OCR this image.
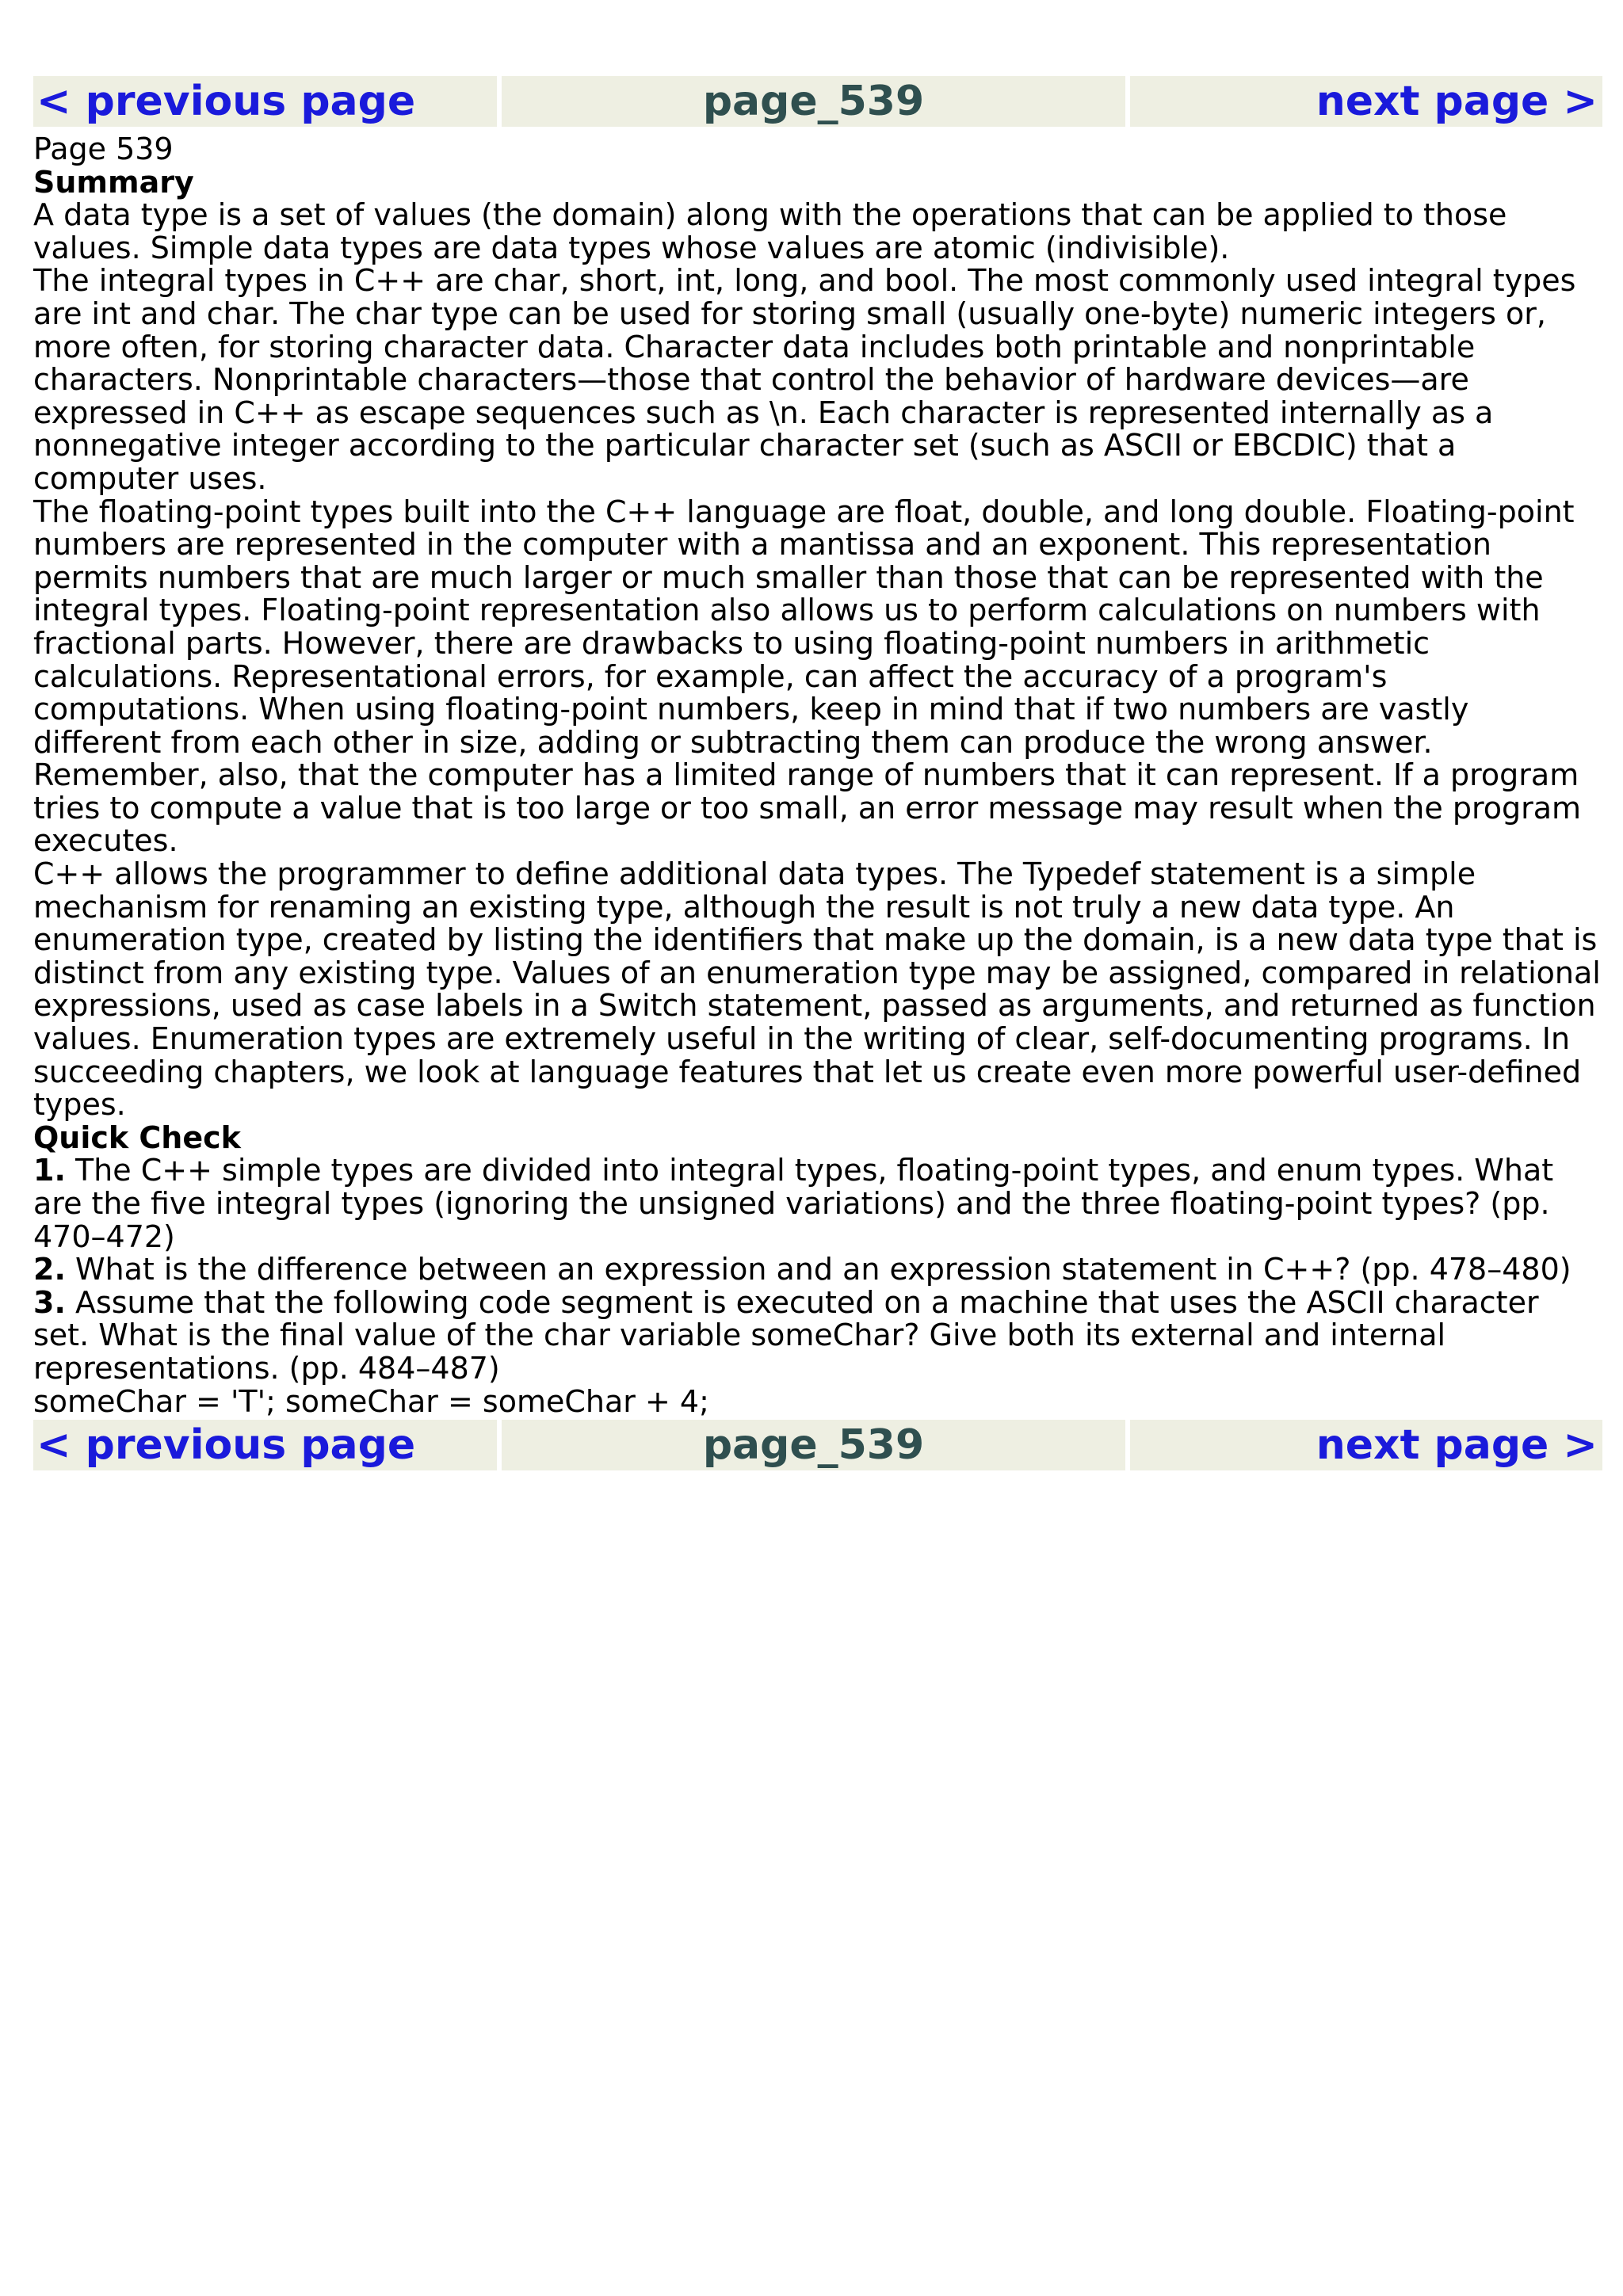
< previous page	page_539	next page >

Page 539

Summary

A data type is a set of values (the domain) along with the operations that can be applied to those values. Simple data types are data types whose values are atomic (indivisible).

The integral types in C++ are char, short, int, long, and bool. The most commonly used integral types are int and char. The char type can be used for storing small (usually one-byte) numeric integers or, more often, for storing character data. Character data includes both printable and nonprintable characters. Nonprintable characters—those that control the behavior of hardware devices—are expressed in C++ as escape sequences such as \n. Each character is represented internally as a nonnegative integer according to the particular character set (such as ASCII or EBCDIC) that a computer uses.

The floating-point types built into the C++ language are float, double, and long double. Floating-point numbers are represented in the computer with a mantissa and an exponent. This representation permits numbers that are much larger or much smaller than those that can be represented with the integral types. Floating-point representation also allows us to perform calculations on numbers with fractional parts. However, there are drawbacks to using floating-point numbers in arithmetic calculations. Representational errors, for example, can affect the accuracy of a program's computations. When using floating-point numbers, keep in mind that if two numbers are vastly different from each other in size, adding or subtracting them can produce the wrong answer. Remember, also, that the computer has a limited range of numbers that it can represent. If a program tries to compute a value that is too large or too small, an error message may result when the program executes.

C++ allows the programmer to define additional data types. The Typedef statement is a simple mechanism for renaming an existing type, although the result is not truly a new data type. An enumeration type, created by listing the identifiers that make up the domain, is a new data type that is distinct from any existing type. Values of an enumeration type may be assigned, compared in relational expressions, used as case labels in a Switch statement, passed as arguments, and returned as function values. Enumeration types are extremely useful in the writing of clear, self-documenting programs. In succeeding chapters, we look at language features that let us create even more powerful user-defined types.

Quick Check

1. The C++ simple types are divided into integral types, floating-point types, and enum types. What are the five integral types (ignoring the unsigned variations) and the three floating-point types? (pp. 470–472)

2. What is the difference between an expression and an expression statement in C++? (pp. 478–480)

3. Assume that the following code segment is executed on a machine that uses the ASCII character set. What is the final value of the char variable someChar? Give both its external and internal representations. (pp. 484–487)

someChar = 'T'; someChar = someChar + 4;

< previous page	page_539	next page >
